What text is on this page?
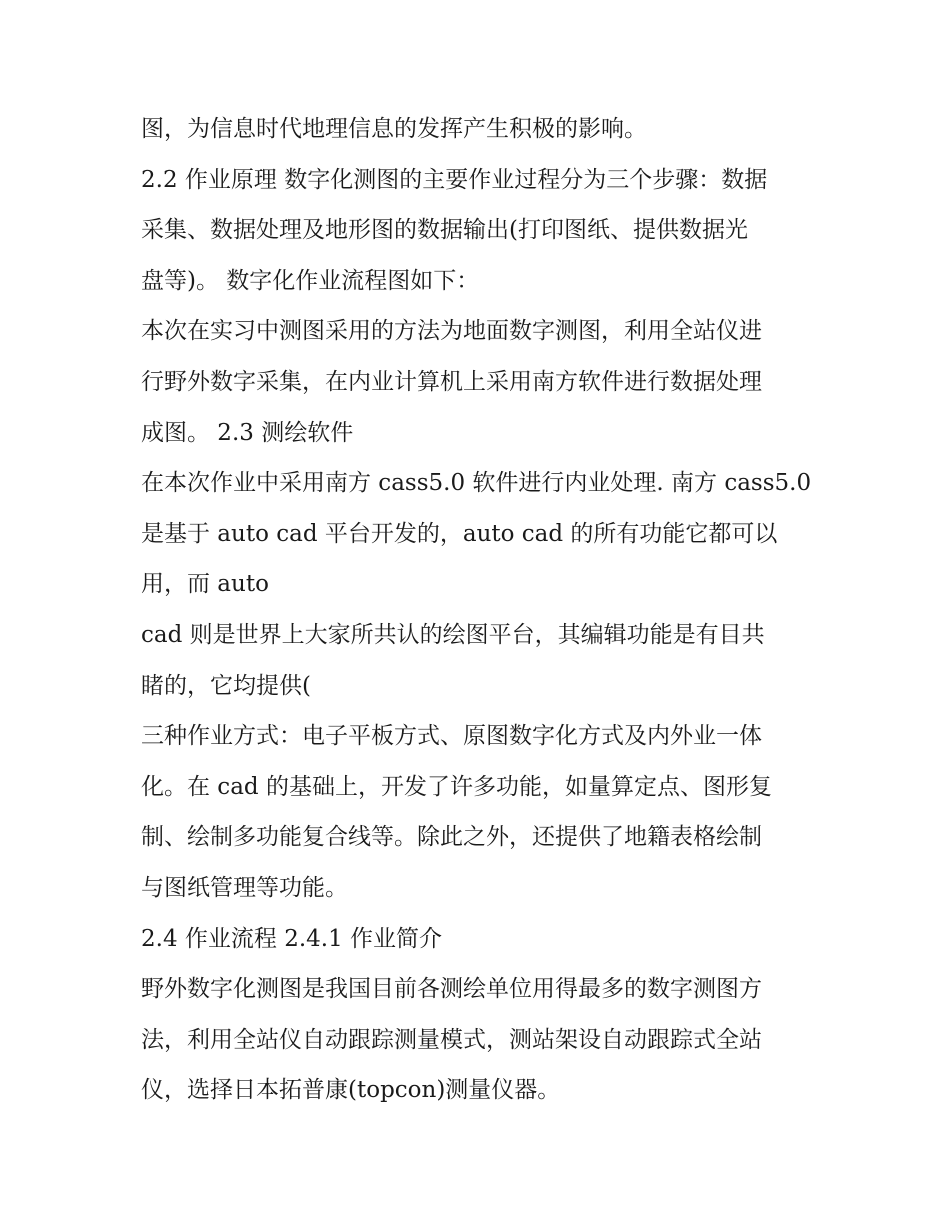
图，为信息时代地理信息的发挥产生积极的影响。
2.2 作业原理 数字化测图的主要作业过程分为三个步骤：数据
采集、数据处理及地形图的数据输出(打印图纸、提供数据光
盘等)。 数字化作业流程图如下：
本次在实习中测图采用的方法为地面数字测图，利用全站仪进
行野外数字采集，在内业计算机上采用南方软件进行数据处理
成图。 2.3 测绘软件
在本次作业中采用南方 cass5.0 软件进行内业处理. 南方 cass5.0
是基于 auto cad 平台开发的，auto cad 的所有功能它都可以
用，而 auto
cad 则是世界上大家所共认的绘图平台，其编辑功能是有目共
睹的，它均提供(
三种作业方式：电子平板方式、原图数字化方式及内外业一体
化。在 cad 的基础上，开发了许多功能，如量算定点、图形复
制、绘制多功能复合线等。除此之外，还提供了地籍表格绘制
与图纸管理等功能。
2.4 作业流程 2.4.1 作业简介
野外数字化测图是我国目前各测绘单位用得最多的数字测图方
法，利用全站仪自动跟踪测量模式，测站架设自动跟踪式全站
仪，选择日本拓普康(topcon)测量仪器。
